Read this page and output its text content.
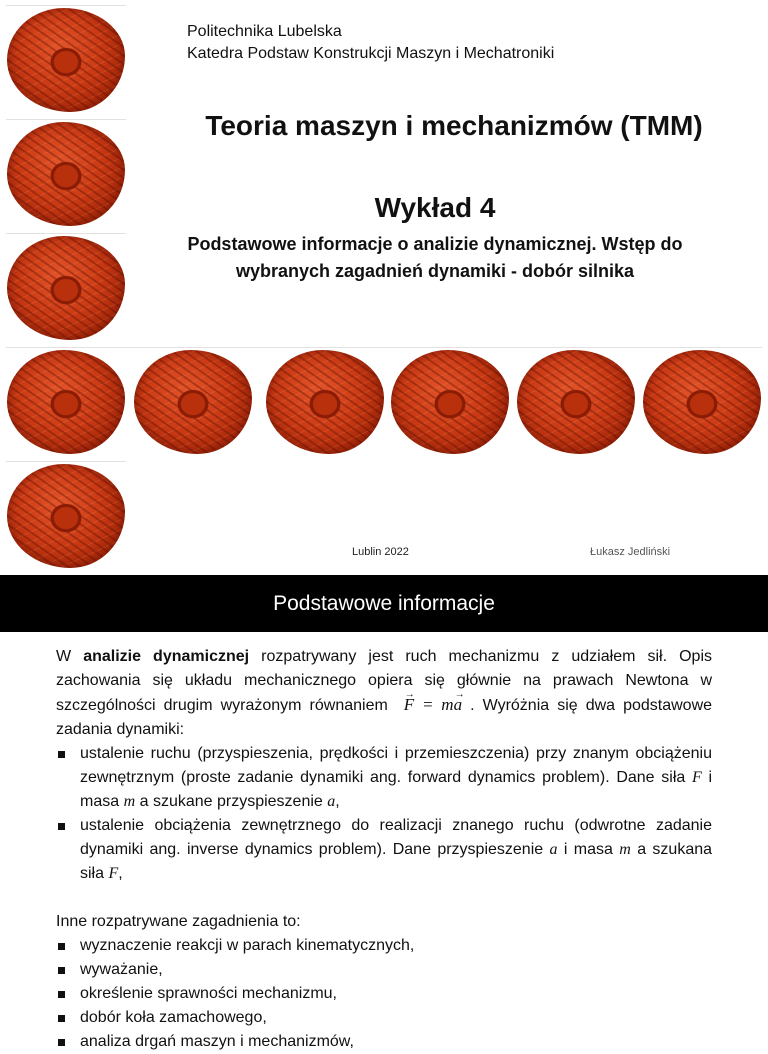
Politechnika Lubelska
Katedra Podstaw Konstrukcji Maszyn i Mechatroniki
Teoria maszyn i mechanizmów (TMM)
Wykład 4
Podstawowe informacje o analizie dynamicznej. Wstęp do
wybranych zagadnień dynamiki - dobór silnika
Lublin 2022	Łukasz Jedliński
Podstawowe informacje

W analizie dynamicznej rozpatrywany jest ruch mechanizmu z udziałem sił. Opis zachowania się układu mechanicznego opiera się głównie na prawach Newtona w szczególności drugim wyrażonym równaniem F → = ma → . Wyróżnia się dwa podstawowe zadania dynamiki:

ustalenie ruchu (przyspieszenia, prędkości i przemieszczenia) przy znanym obciążeniu zewnętrznym (proste zadanie dynamiki ang. forward dynamics problem). Dane siła F i masa m a szukane przyspieszenie a,
ustalenie obciążenia zewnętrznego do realizacji znanego ruchu (odwrotne zadanie dynamiki ang. inverse dynamics problem). Dane przyspieszenie a i masa m a szukana siła F,

Inne rozpatrywane zagadnienia to:

wyznaczenie reakcji w parach kinematycznych,
wyważanie,
określenie sprawności mechanizmu,
dobór koła zamachowego,
analiza drgań maszyn i mechanizmów,
